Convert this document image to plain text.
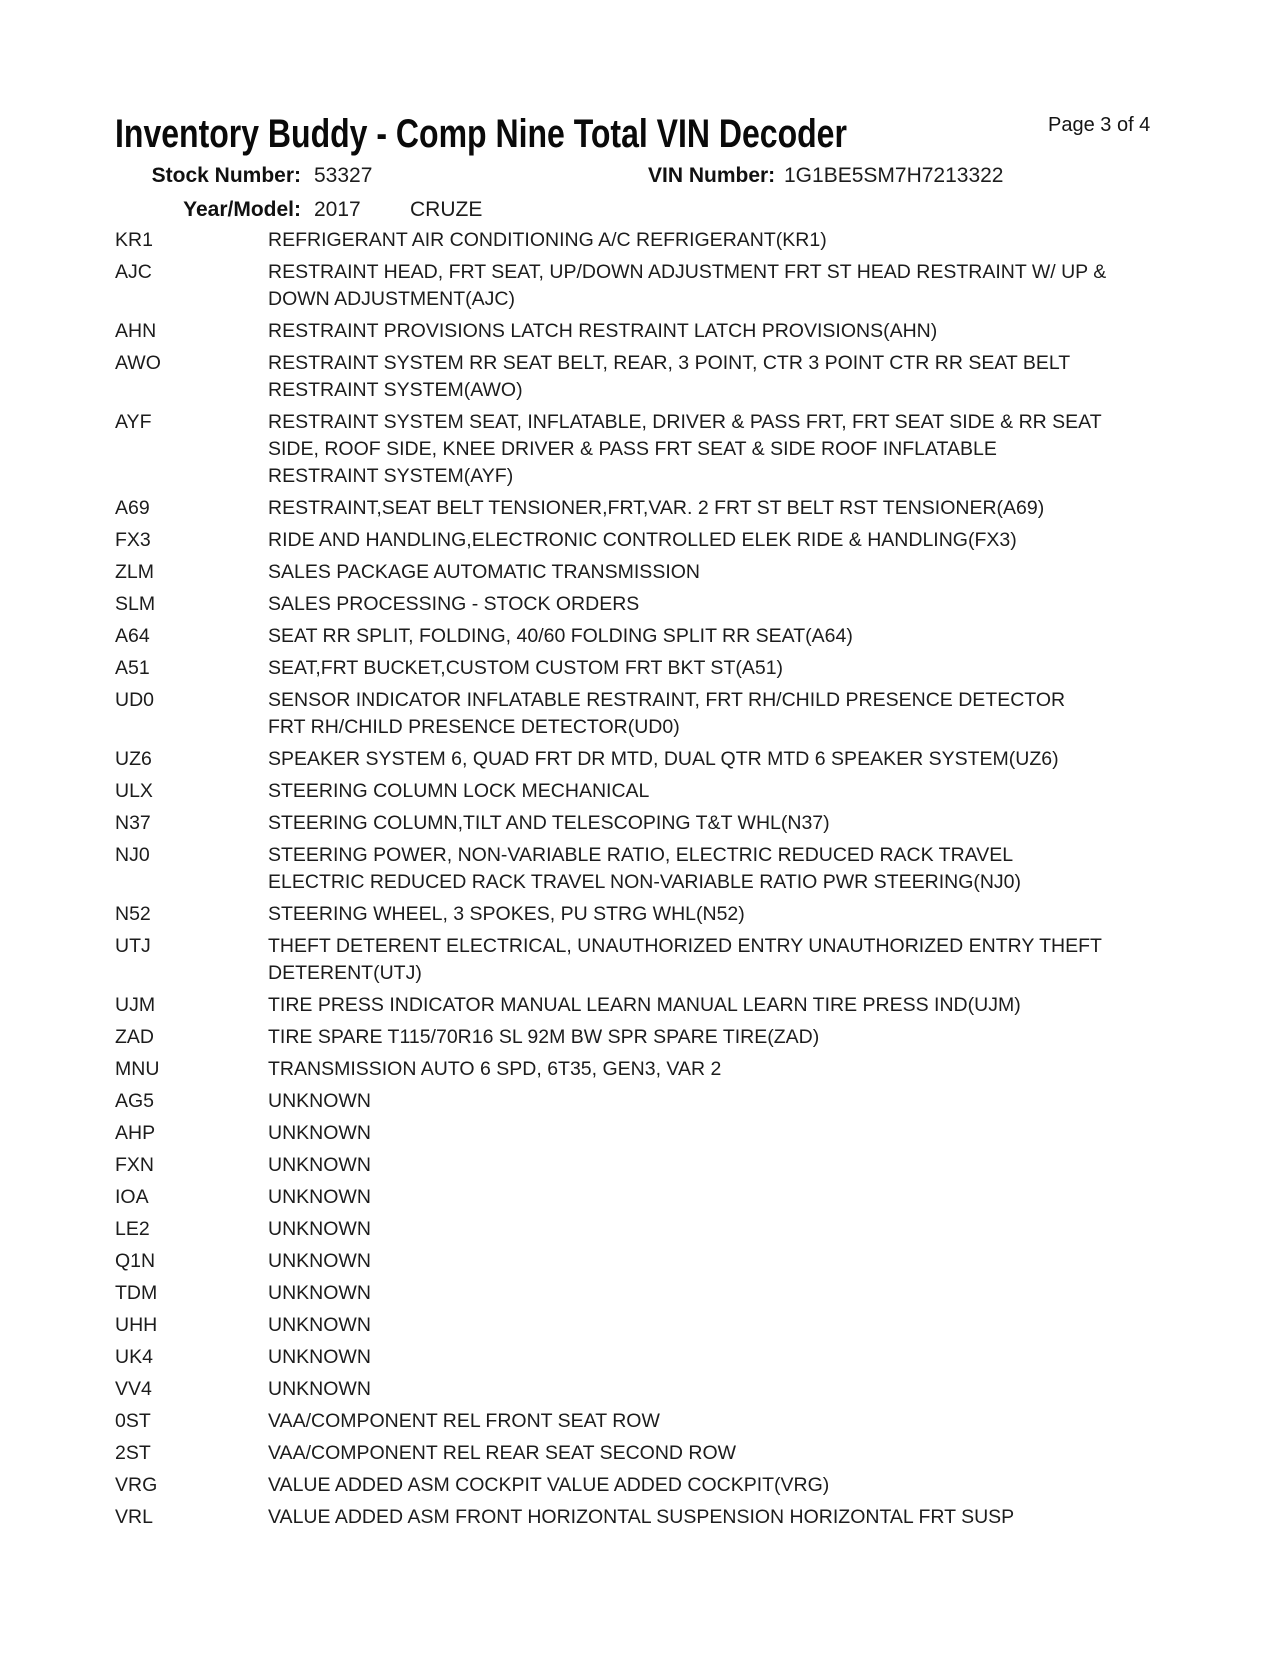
Inventory Buddy - Comp Nine Total VIN Decoder	Page 3 of 4
Stock Number: 53327	VIN Number: 1G1BE5SM7H7213322
Year/Model: 2017 CRUZE
KR1	REFRIGERANT AIR CONDITIONING A/C REFRIGERANT(KR1)
AJC	RESTRAINT HEAD, FRT SEAT, UP/DOWN ADJUSTMENT FRT ST HEAD RESTRAINT W/ UP &
DOWN ADJUSTMENT(AJC)
AHN	RESTRAINT PROVISIONS LATCH RESTRAINT LATCH PROVISIONS(AHN)
AWO	RESTRAINT SYSTEM RR SEAT BELT, REAR, 3 POINT, CTR 3 POINT CTR RR SEAT BELT
RESTRAINT SYSTEM(AWO)
AYF	RESTRAINT SYSTEM SEAT, INFLATABLE, DRIVER & PASS FRT, FRT SEAT SIDE & RR SEAT
SIDE, ROOF SIDE, KNEE DRIVER & PASS FRT SEAT & SIDE ROOF INFLATABLE
RESTRAINT SYSTEM(AYF)
A69	RESTRAINT,SEAT BELT TENSIONER,FRT,VAR. 2 FRT ST BELT RST TENSIONER(A69)
FX3	RIDE AND HANDLING,ELECTRONIC CONTROLLED ELEK RIDE & HANDLING(FX3)
ZLM	SALES PACKAGE AUTOMATIC TRANSMISSION
SLM	SALES PROCESSING - STOCK ORDERS
A64	SEAT RR SPLIT, FOLDING, 40/60 FOLDING SPLIT RR SEAT(A64)
A51	SEAT,FRT BUCKET,CUSTOM CUSTOM FRT BKT ST(A51)
UD0	SENSOR INDICATOR INFLATABLE RESTRAINT, FRT RH/CHILD PRESENCE DETECTOR
FRT RH/CHILD PRESENCE DETECTOR(UD0)
UZ6	SPEAKER SYSTEM 6, QUAD FRT DR MTD, DUAL QTR MTD 6 SPEAKER SYSTEM(UZ6)
ULX	STEERING COLUMN LOCK MECHANICAL
N37	STEERING COLUMN,TILT AND TELESCOPING T&T WHL(N37)
NJ0	STEERING POWER, NON-VARIABLE RATIO, ELECTRIC REDUCED RACK TRAVEL
ELECTRIC REDUCED RACK TRAVEL NON-VARIABLE RATIO PWR STEERING(NJ0)
N52	STEERING WHEEL, 3 SPOKES, PU STRG WHL(N52)
UTJ	THEFT DETERENT ELECTRICAL, UNAUTHORIZED ENTRY UNAUTHORIZED ENTRY THEFT
DETERENT(UTJ)
UJM	TIRE PRESS INDICATOR MANUAL LEARN MANUAL LEARN TIRE PRESS IND(UJM)
ZAD	TIRE SPARE T115/70R16 SL 92M BW SPR SPARE TIRE(ZAD)
MNU	TRANSMISSION AUTO 6 SPD, 6T35, GEN3, VAR 2
AG5	UNKNOWN
AHP	UNKNOWN
FXN	UNKNOWN
IOA	UNKNOWN
LE2	UNKNOWN
Q1N	UNKNOWN
TDM	UNKNOWN
UHH	UNKNOWN
UK4	UNKNOWN
VV4	UNKNOWN
0ST	VAA/COMPONENT REL FRONT SEAT ROW
2ST	VAA/COMPONENT REL REAR SEAT SECOND ROW
VRG	VALUE ADDED ASM COCKPIT VALUE ADDED COCKPIT(VRG)
VRL	VALUE ADDED ASM FRONT HORIZONTAL SUSPENSION HORIZONTAL FRT SUSP
